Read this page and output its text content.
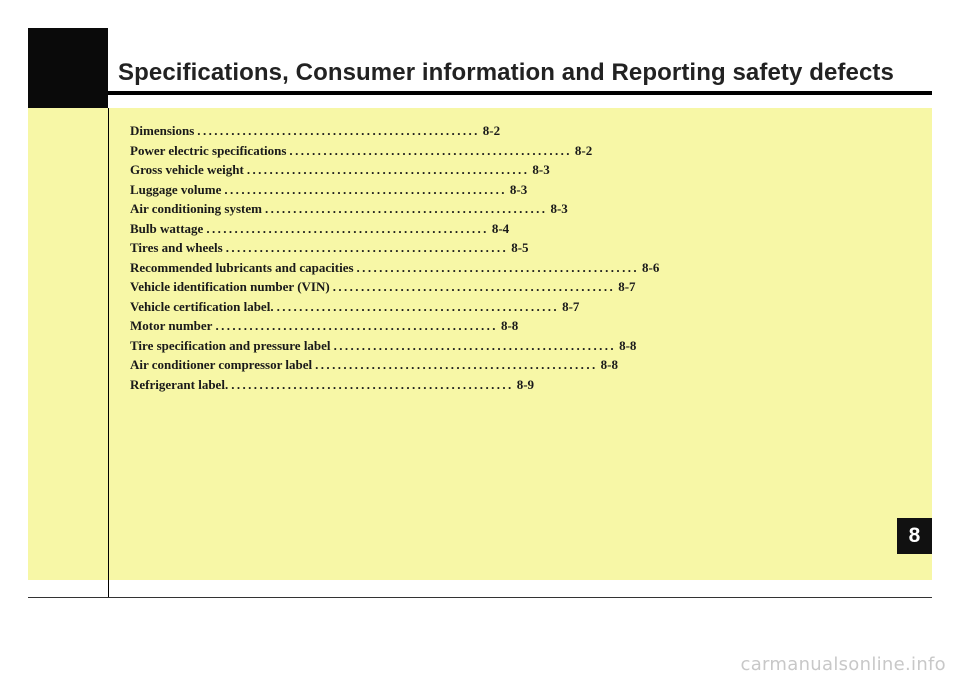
Specifications, Consumer information and Reporting safety defects
Dimensions .................................................. 8-2
Power electric specifications .................................................. 8-2
Gross vehicle weight .................................................. 8-3
Luggage volume .................................................. 8-3
Air conditioning system .................................................. 8-3
Bulb wattage .................................................. 8-4
Tires and wheels .................................................. 8-5
Recommended lubricants and capacities .................................................. 8-6
Vehicle identification number (VIN) .................................................. 8-7
Vehicle certification label. .................................................. 8-7
Motor number .................................................. 8-8
Tire specification and pressure label .................................................. 8-8
Air conditioner compressor label .................................................. 8-8
Refrigerant label. .................................................. 8-9
8
carmanualsonline.info
